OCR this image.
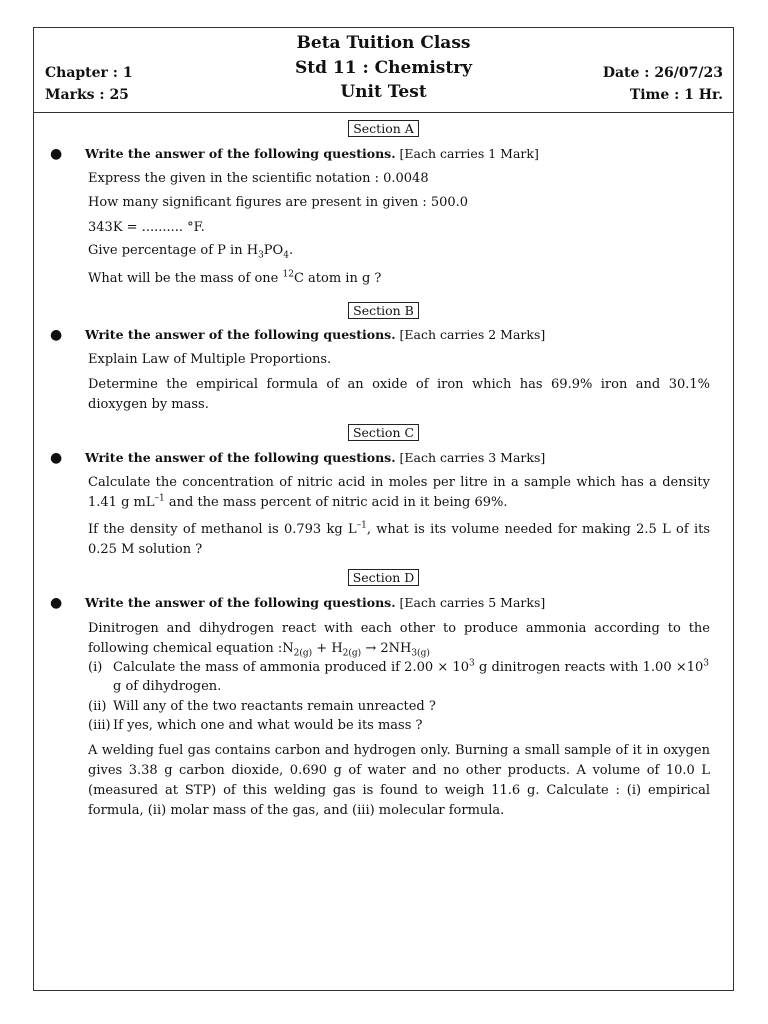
Beta Tuition Class
Std 11 : Chemistry
Unit Test
Chapter : 1
Marks : 25
Date : 26/07/23
Time : 1 Hr.
Section A
● Write the answer of the following questions. [Each carries 1 Mark]
Express the given in the scientific notation : 0.0048
How many significant figures are present in given : 500.0
343K = .......... °F.
Give percentage of P in $H_3PO_4$.
What will be the mass of one $^{12}$C atom in g ?
Section B
● Write the answer of the following questions. [Each carries 2 Marks]
Explain Law of Multiple Proportions.
Determine the empirical formula of an oxide of iron which has 69.9% iron and 30.1% dioxygen by mass.
Section C
● Write the answer of the following questions. [Each carries 3 Marks]
Calculate the concentration of nitric acid in moles per litre in a sample which has a density 1.41 g $mL^{-1}$ and the mass percent of nitric acid in it being 69%.
If the density of methanol is 0.793 kg $L^{-1}$, what is its volume needed for making 2.5 L of its 0.25 M solution ?
Section D
● Write the answer of the following questions. [Each carries 5 Marks]
Dinitrogen and dihydrogen react with each other to produce ammonia according to the following chemical equation $:N_{2(g)} + H_{2(g)} \to 2NH_{3(g)}$
(i) Calculate the mass of ammonia produced if $2.00 \times 10^3$ g dinitrogen reacts with $1.00 \times 10^3$ g of dihydrogen.
(ii) Will any of the two reactants remain unreacted ?
(iii) If yes, which one and what would be its mass ?
A welding fuel gas contains carbon and hydrogen only. Burning a small sample of it in oxygen gives 3.38 g carbon dioxide, 0.690 g of water and no other products. A volume of 10.0 L (measured at STP) of this welding gas is found to weigh 11.6 g. Calculate : (i) empirical formula, (ii) molar mass of the gas, and (iii) molecular formula.
